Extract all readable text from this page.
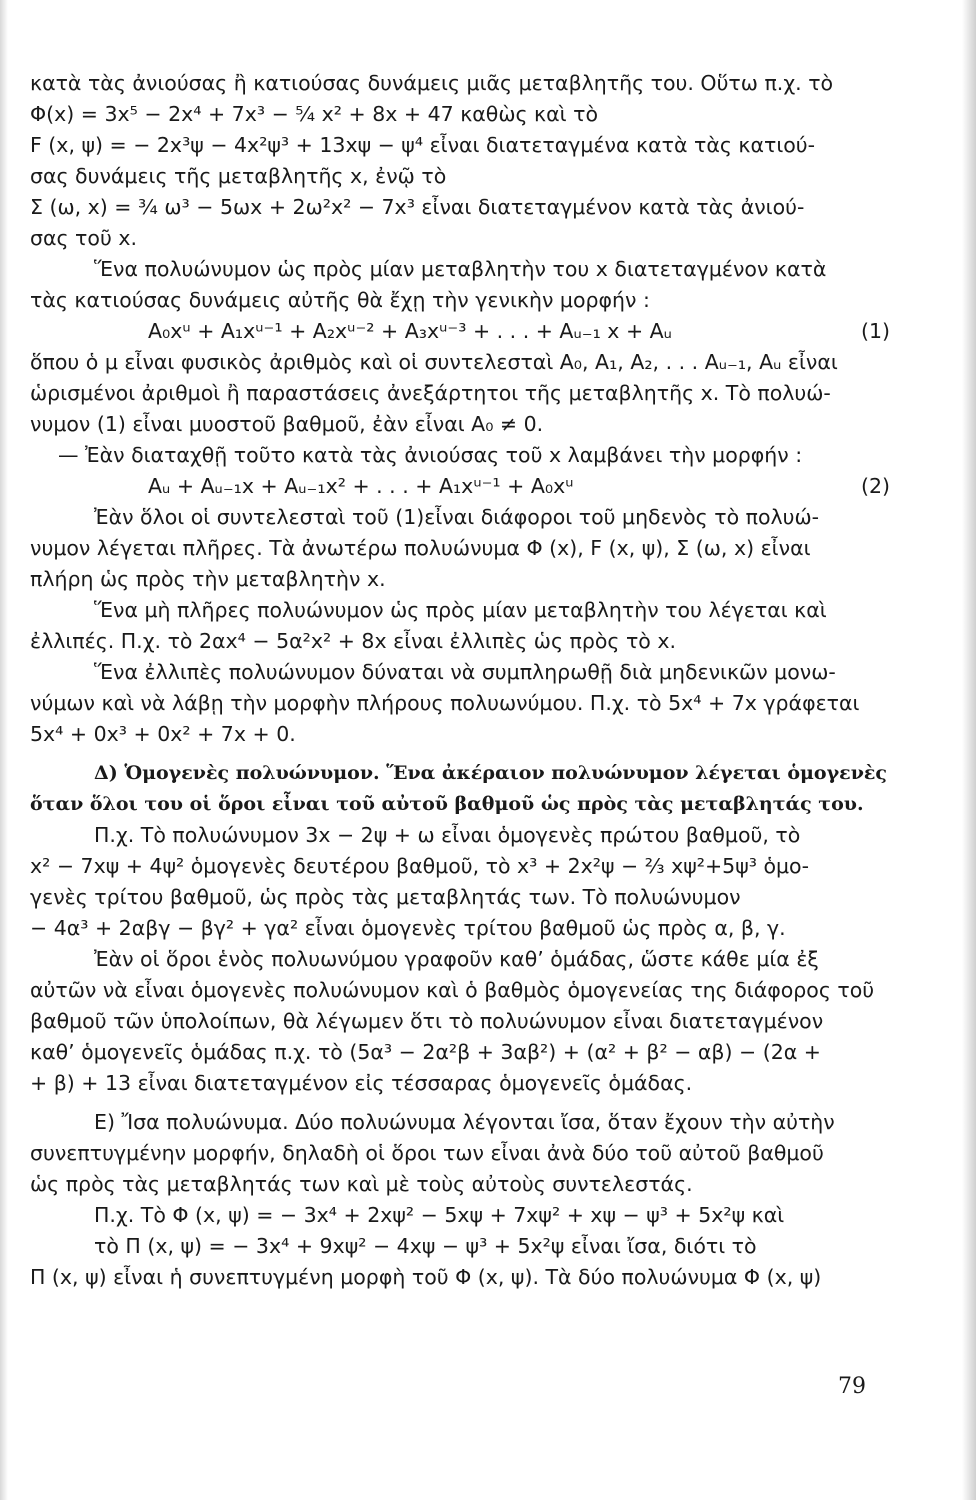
κατὰ τὰς ἀνιούσας ἢ κατιούσας δυνάμεις μιᾶς μεταβλητῆς του. Οὕτω π.χ. τὸ
Φ(x) = 3x⁵ − 2x⁴ + 7x³ − ⁵⁄₄ x² + 8x + 47 καθὼς καὶ τὸ
F (x, ψ) = − 2x³ψ − 4x²ψ³ + 13xψ − ψ⁴ εἶναι διατεταγμένα κατὰ τὰς κατιού-
σας δυνάμεις τῆς μεταβλητῆς x, ἐνῷ τὸ
Σ (ω, x) = ³⁄₄ ω³ − 5ωx + 2ω²x² − 7x³ εἶναι διατεταγμένον κατὰ τὰς ἀνιού-
σας τοῦ x.
Ἕνα πολυώνυμον ὡς πρὸς μίαν μεταβλητὴν του x διατεταγμένον κατὰ
τὰς κατιούσας δυνάμεις αὐτῆς θὰ ἔχῃ τὴν γενικὴν μορφήν :
A₀xᵘ + A₁xᵘ⁻¹ + A₂xᵘ⁻² + A₃xᵘ⁻³ + . . . + Aᵤ₋₁ x + Aᵤ	(1)
ὅπου ὁ μ εἶναι φυσικὸς ἀριθμὸς καὶ οἱ συντελεσταὶ A₀, A₁, A₂, . . . Aᵤ₋₁, Aᵤ εἶναι
ὡρισμένοι ἀριθμοὶ ἢ παραστάσεις ἀνεξάρτητοι τῆς μεταβλητῆς x. Τὸ πολυώ-
νυμον (1) εἶναι μυοστοῦ βαθμοῦ, ἐὰν εἶναι A₀ ≠ 0.
— Ἐὰν διαταχθῇ τοῦτο κατὰ τὰς ἀνιούσας τοῦ x λαμβάνει τὴν μορφήν :
Aᵤ + Aᵤ₋₁x + Aᵤ₋₁x² + . . . + A₁xᵘ⁻¹ + A₀xᵘ	(2)
Ἐὰν ὅλοι οἱ συντελεσταὶ τοῦ (1)εἶναι διάφοροι τοῦ μηδενὸς τὸ πολυώ-
νυμον λέγεται πλῆρες. Τὰ ἀνωτέρω πολυώνυμα Φ (x), F (x, ψ), Σ (ω, x) εἶναι
πλήρη ὡς πρὸς τὴν μεταβλητὴν x.
Ἕνα μὴ πλῆρες πολυώνυμον ὡς πρὸς μίαν μεταβλητὴν του λέγεται καὶ
ἐλλιπές. Π.χ. τὸ 2αx⁴ − 5α²x² + 8x εἶναι ἐλλιπὲς ὡς πρὸς τὸ x.
Ἕνα ἐλλιπὲς πολυώνυμον δύναται νὰ συμπληρωθῇ διὰ μηδενικῶν μονω-
νύμων καὶ νὰ λάβῃ τὴν μορφὴν πλήρους πολυωνύμου. Π.χ. τὸ 5x⁴ + 7x γράφεται
5x⁴ + 0x³ + 0x² + 7x + 0.
Δ) Ὁμογενὲς πολυώνυμον. Ἕνα ἀκέραιον πολυώνυμον λέγεται ὁμογενὲς
ὅταν ὅλοι του οἱ ὅροι εἶναι τοῦ αὐτοῦ βαθμοῦ ὡς πρὸς τὰς μεταβλητάς του.
Π.χ. Τὸ πολυώνυμον 3x − 2ψ + ω εἶναι ὁμογενὲς πρώτου βαθμοῦ, τὸ
x² − 7xψ + 4ψ² ὁμογενὲς δευτέρου βαθμοῦ, τὸ x³ + 2x²ψ − ²⁄₃ xψ²+5ψ³ ὁμο-
γενὲς τρίτου βαθμοῦ, ὡς πρὸς τὰς μεταβλητάς των. Τὸ πολυώνυμον
− 4α³ + 2αβγ − βγ² + γα² εἶναι ὁμογενὲς τρίτου βαθμοῦ ὡς πρὸς α, β, γ.
Ἐὰν οἱ ὅροι ἑνὸς πολυωνύμου γραφοῦν καθ’ ὁμάδας, ὥστε κάθε μία ἐξ
αὐτῶν νὰ εἶναι ὁμογενὲς πολυώνυμον καὶ ὁ βαθμὸς ὁμογενείας της διάφορος τοῦ
βαθμοῦ τῶν ὑπολοίπων, θὰ λέγωμεν ὅτι τὸ πολυώνυμον εἶναι διατεταγμένον
καθ’ ὁμογενεῖς ὁμάδας π.χ. τὸ (5α³ − 2α²β + 3αβ²) + (α² + β² − αβ) − (2α +
+ β) + 13 εἶναι διατεταγμένον εἰς τέσσαρας ὁμογενεῖς ὁμάδας.
Ε) Ἴσα πολυώνυμα. Δύο πολυώνυμα λέγονται ἴσα, ὅταν ἔχουν τὴν αὐτὴν
συνεπτυγμένην μορφήν, δηλαδὴ οἱ ὅροι των εἶναι ἀνὰ δύο τοῦ αὐτοῦ βαθμοῦ
ὡς πρὸς τὰς μεταβλητάς των καὶ μὲ τοὺς αὐτοὺς συντελεστάς.
Π.χ. Τὸ Φ (x, ψ) = − 3x⁴ + 2xψ² − 5xψ + 7xψ² + xψ − ψ³ + 5x²ψ καὶ
τὸ Π (x, ψ) = − 3x⁴ + 9xψ² − 4xψ − ψ³ + 5x²ψ εἶναι ἴσα, διότι τὸ
Π (x, ψ) εἶναι ἡ συνεπτυγμένη μορφὴ τοῦ Φ (x, ψ). Τὰ δύο πολυώνυμα Φ (x, ψ)
79
